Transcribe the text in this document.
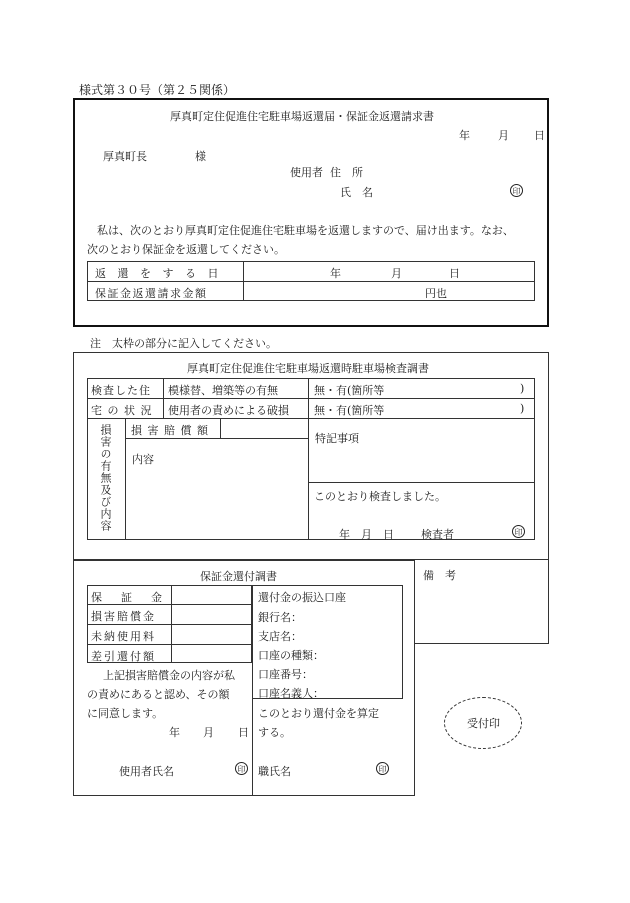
様式第３０号（第２５関係）
厚真町定住促進住宅駐車場返還届・保証金返還請求書
年	月 日
厚真町長	様
使用者 住　所
氏　名	印
私は、次のとおり厚真町定住促進住宅駐車場を返還しますので、届け出ます。なお、
次のとおり保証金を返還してください。
返 還 を す る 日	年	月	日
保証金返還請求金額	円也
注　太枠の部分に記入してください。
厚真町定住促進住宅駐車場返還時駐車場検査調書
検査した住
宅 の 状 況
模様替、増築等の有無	無・有(箇所等	)
使用者の責めによる破損 無・有(箇所等	)
損害の有無及び内容 損 害 賠 償 額
内容
特記事項
このとおり検査しました。
年 月 日 検査者	印
備　考
保証金還付調書
保　証　金
損害賠償金
未納使用料
差引還付額
還付金の振込口座
銀行名：
支店名：
口座の種類：
口座番号：
口座名義人：
上記損害賠償金の内容が私
の責めにあると認め、その額
に同意します。
年 月 日
使用者氏名	印
このとおり還付金を算定
する。
職氏名	印
受付印
